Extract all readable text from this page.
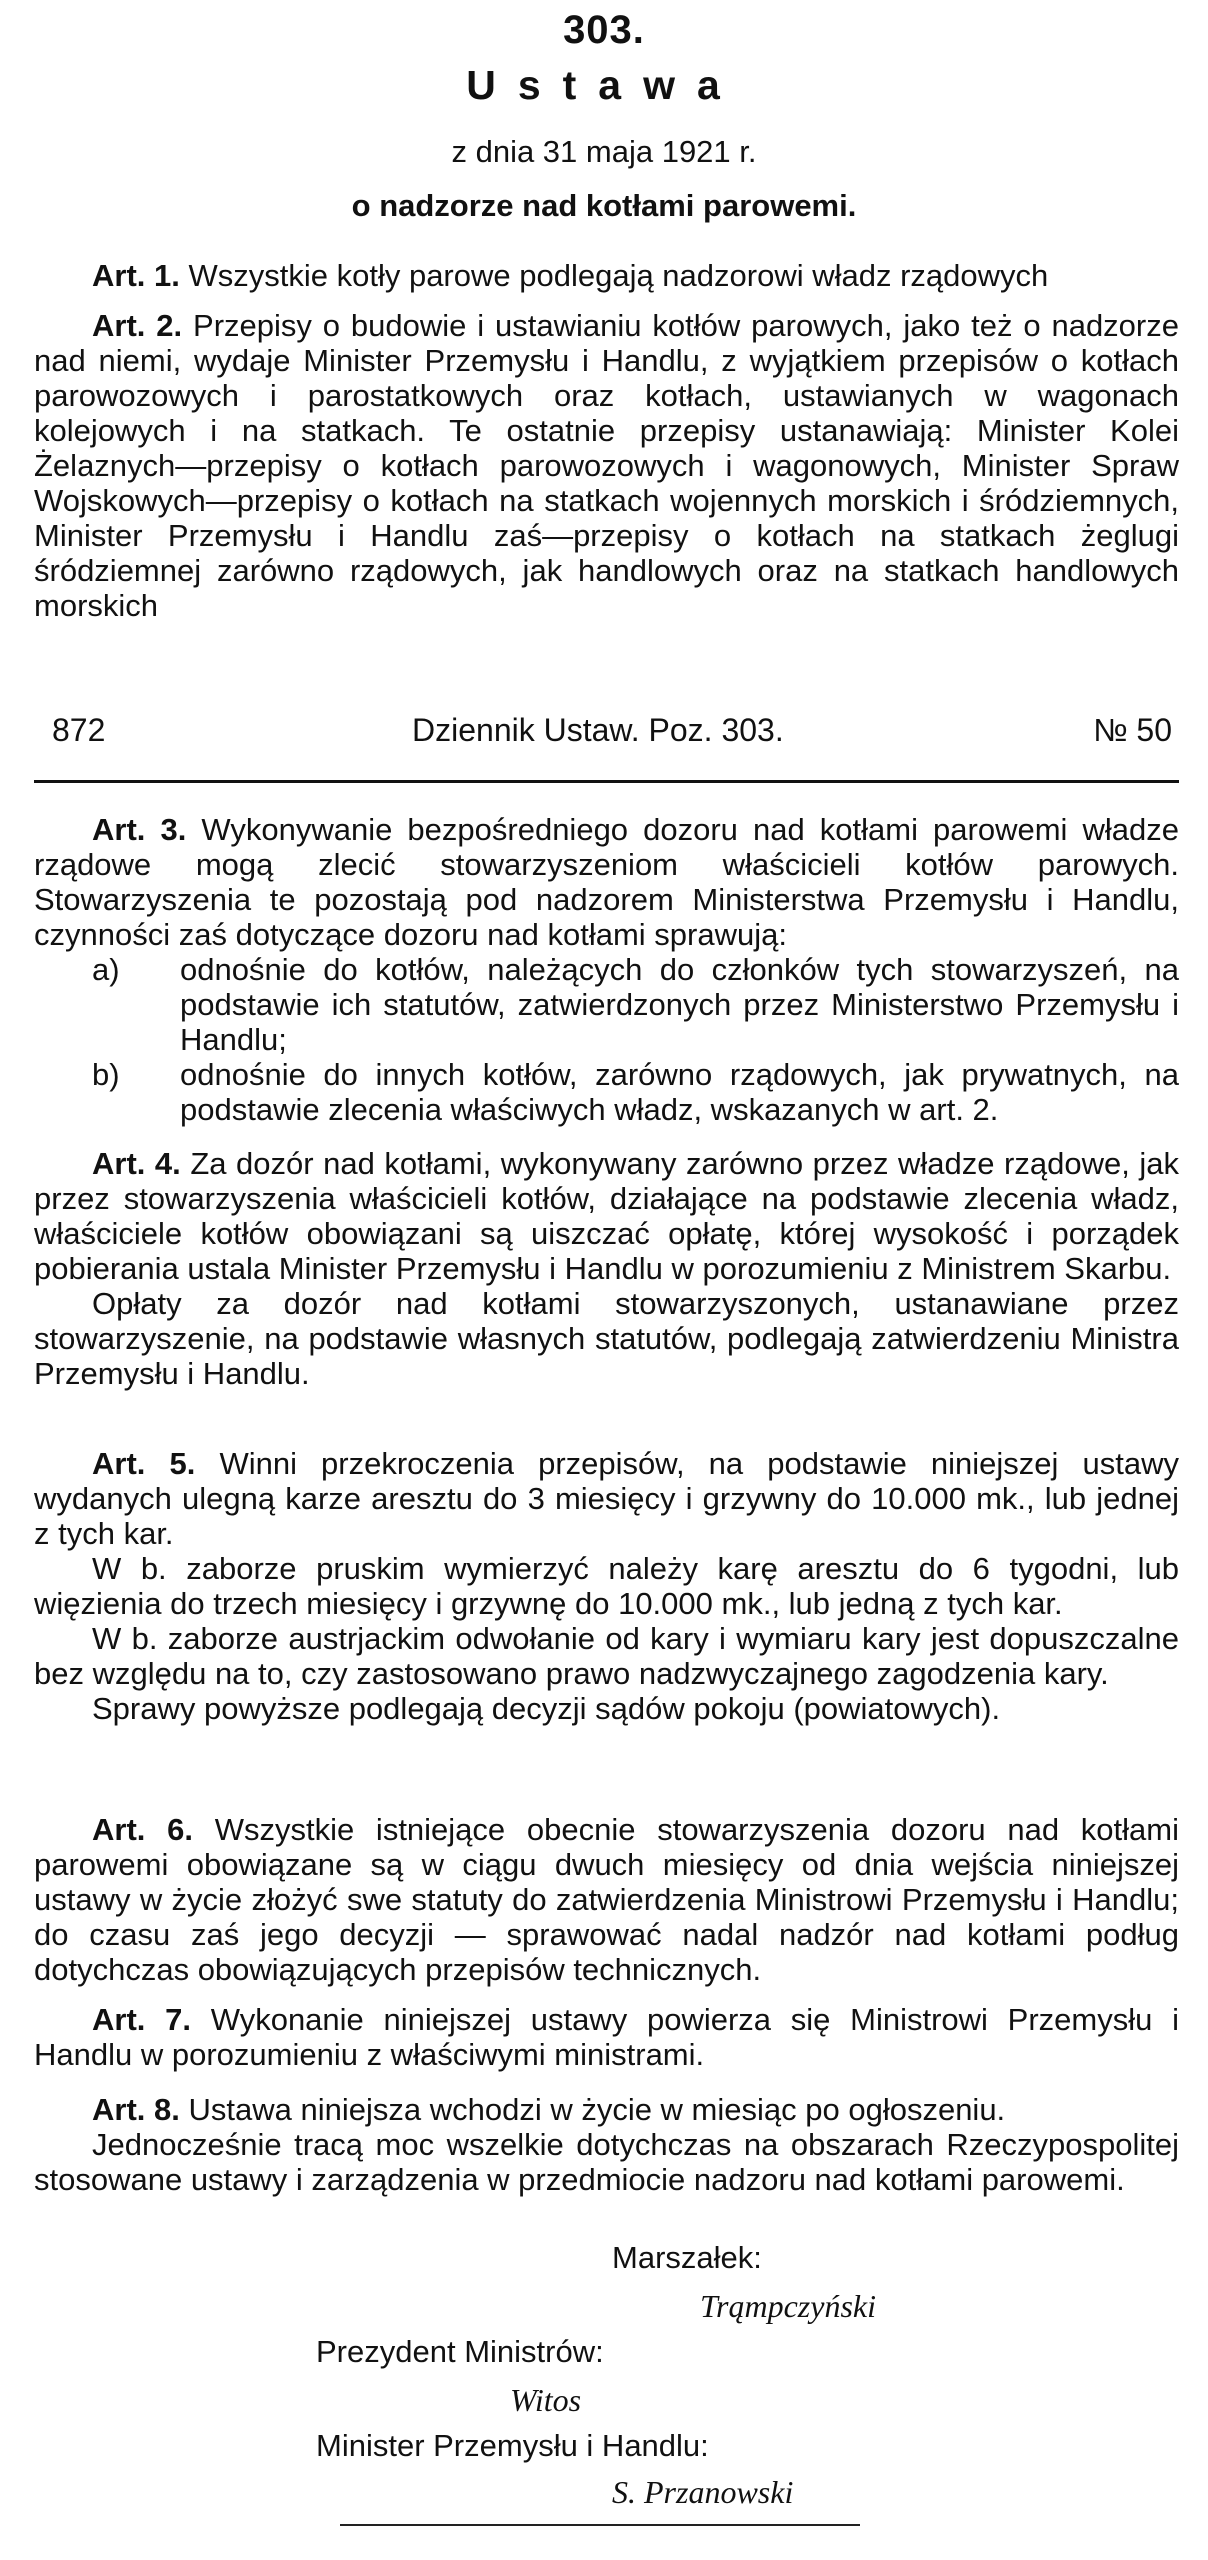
303.
Ustawa
z dnia 31 maja 1921 r.
o nadzorze nad kotłami parowemi.

Art. 1. Wszystkie kotły parowe podlegają nadzorowi władz rządowych

Art. 2. Przepisy o budowie i ustawianiu kotłów parowych, jako też o nadzorze nad niemi, wydaje Minister Przemysłu i Handlu, z wyjątkiem przepisów o kotłach parowozowych i parostatkowych oraz kotłach, ustawianych w wagonach kolejowych i na statkach. Te ostatnie przepisy ustanawiają: Minister Kolei Żelaznych—przepisy o kotłach parowozowych i wagonowych, Minister Spraw Wojskowych—przepisy o kotłach na statkach wojennych morskich i śródziemnych, Minister Przemysłu i Handlu zaś—przepisy o kotłach na statkach żeglugi śródziemnej zarówno rządowych, jak handlowych oraz na statkach handlowych morskich

872	Dziennik Ustaw. Poz. 303.	№ 50

Art. 3. Wykonywanie bezpośredniego dozoru nad kotłami parowemi władze rządowe mogą zlecić stowarzyszeniom właścicieli kotłów parowych. Stowarzyszenia te pozostają pod nadzorem Ministerstwa Przemysłu i Handlu, czynności zaś dotyczące dozoru nad kotłami sprawują:

a) odnośnie do kotłów, należących do członków tych stowarzyszeń, na podstawie ich statutów, zatwierdzonych przez Ministerstwo Przemysłu i Handlu;
b) odnośnie do innych kotłów, zarówno rządowych, jak prywatnych, na podstawie zlecenia właściwych władz, wskazanych w art. 2.

Art. 4. Za dozór nad kotłami, wykonywany zarówno przez władze rządowe, jak przez stowarzyszenia właścicieli kotłów, działające na podstawie zlecenia władz, właściciele kotłów obowiązani są uiszczać opłatę, której wysokość i porządek pobierania ustala Minister Przemysłu i Handlu w porozumieniu z Ministrem Skarbu.

Opłaty za dozór nad kotłami stowarzyszonych, ustanawiane przez stowarzyszenie, na podstawie własnych statutów, podlegają zatwierdzeniu Ministra Przemysłu i Handlu.

Art. 5. Winni przekroczenia przepisów, na podstawie niniejszej ustawy wydanych ulegną karze aresztu do 3 miesięcy i grzywny do 10.000 mk., lub jednej z tych kar.

W b. zaborze pruskim wymierzyć należy karę aresztu do 6 tygodni, lub więzienia do trzech miesięcy i grzywnę do 10.000 mk., lub jedną z tych kar.

W b. zaborze austrjackim odwołanie od kary i wymiaru kary jest dopuszczalne bez względu na to, czy zastosowano prawo nadzwyczajnego zagodzenia kary.

Sprawy powyższe podlegają decyzji sądów pokoju (powiatowych).

Art. 6. Wszystkie istniejące obecnie stowarzyszenia dozoru nad kotłami parowemi obowiązane są w ciągu dwuch miesięcy od dnia wejścia niniejszej ustawy w życie złożyć swe statuty do zatwierdzenia Ministrowi Przemysłu i Handlu; do czasu zaś jego decyzji — sprawować nadal nadzór nad kotłami podług dotychczas obowiązujących przepisów technicznych.

Art. 7. Wykonanie niniejszej ustawy powierza się Ministrowi Przemysłu i Handlu w porozumieniu z właściwymi ministrami.

Art. 8. Ustawa niniejsza wchodzi w życie w miesiąc po ogłoszeniu.

Jednocześnie tracą moc wszelkie dotychczas na obszarach Rzeczypospolitej stosowane ustawy i zarządzenia w przedmiocie nadzoru nad kotłami parowemi.

Marszałek:
Trąmpczyński
Prezydent Ministrów:
Witos
Minister Przemysłu i Handlu:
S. Przanowski
